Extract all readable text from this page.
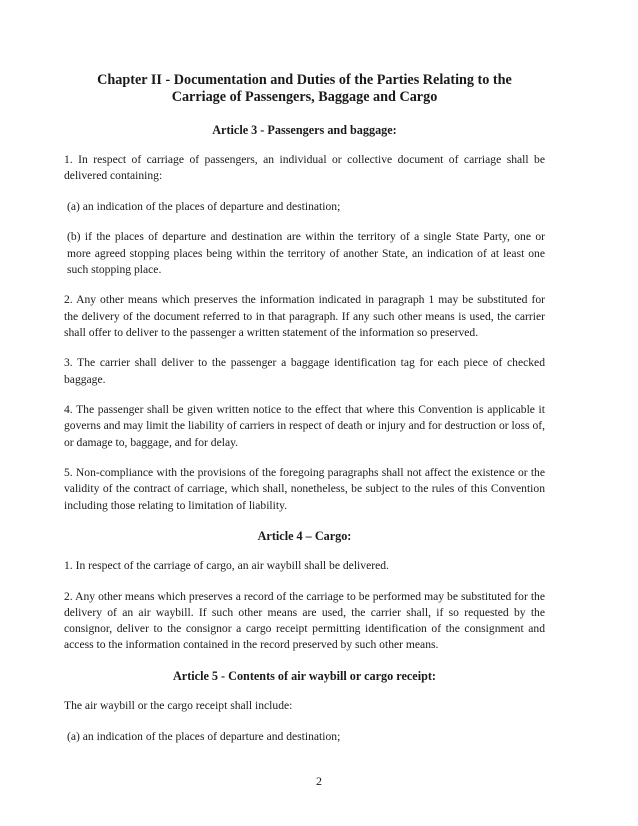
Chapter II - Documentation and Duties of the Parties Relating to the
Carriage of Passengers, Baggage and Cargo
Article 3 - Passengers and baggage:

1. In respect of carriage of passengers, an individual or collective document of carriage shall be delivered containing:

(a) an indication of the places of departure and destination;

(b) if the places of departure and destination are within the territory of a single State Party, one or more agreed stopping places being within the territory of another State, an indication of at least one such stopping place.

2. Any other means which preserves the information indicated in paragraph 1 may be substituted for the delivery of the document referred to in that paragraph. If any such other means is used, the carrier shall offer to deliver to the passenger a written statement of the information so preserved.

3. The carrier shall deliver to the passenger a baggage identification tag for each piece of checked baggage.

4. The passenger shall be given written notice to the effect that where this Convention is applicable it governs and may limit the liability of carriers in respect of death or injury and for destruction or loss of, or damage to, baggage, and for delay.

5. Non-compliance with the provisions of the foregoing paragraphs shall not affect the existence or the validity of the contract of carriage, which shall, nonetheless, be subject to the rules of this Convention including those relating to limitation of liability.

Article 4 – Cargo:

1. In respect of the carriage of cargo, an air waybill shall be delivered.

2. Any other means which preserves a record of the carriage to be performed may be substituted for the delivery of an air waybill. If such other means are used, the carrier shall, if so requested by the consignor, deliver to the consignor a cargo receipt permitting identification of the consignment and access to the information contained in the record preserved by such other means.

Article 5 - Contents of air waybill or cargo receipt:

The air waybill or the cargo receipt shall include:

(a) an indication of the places of departure and destination;

2
